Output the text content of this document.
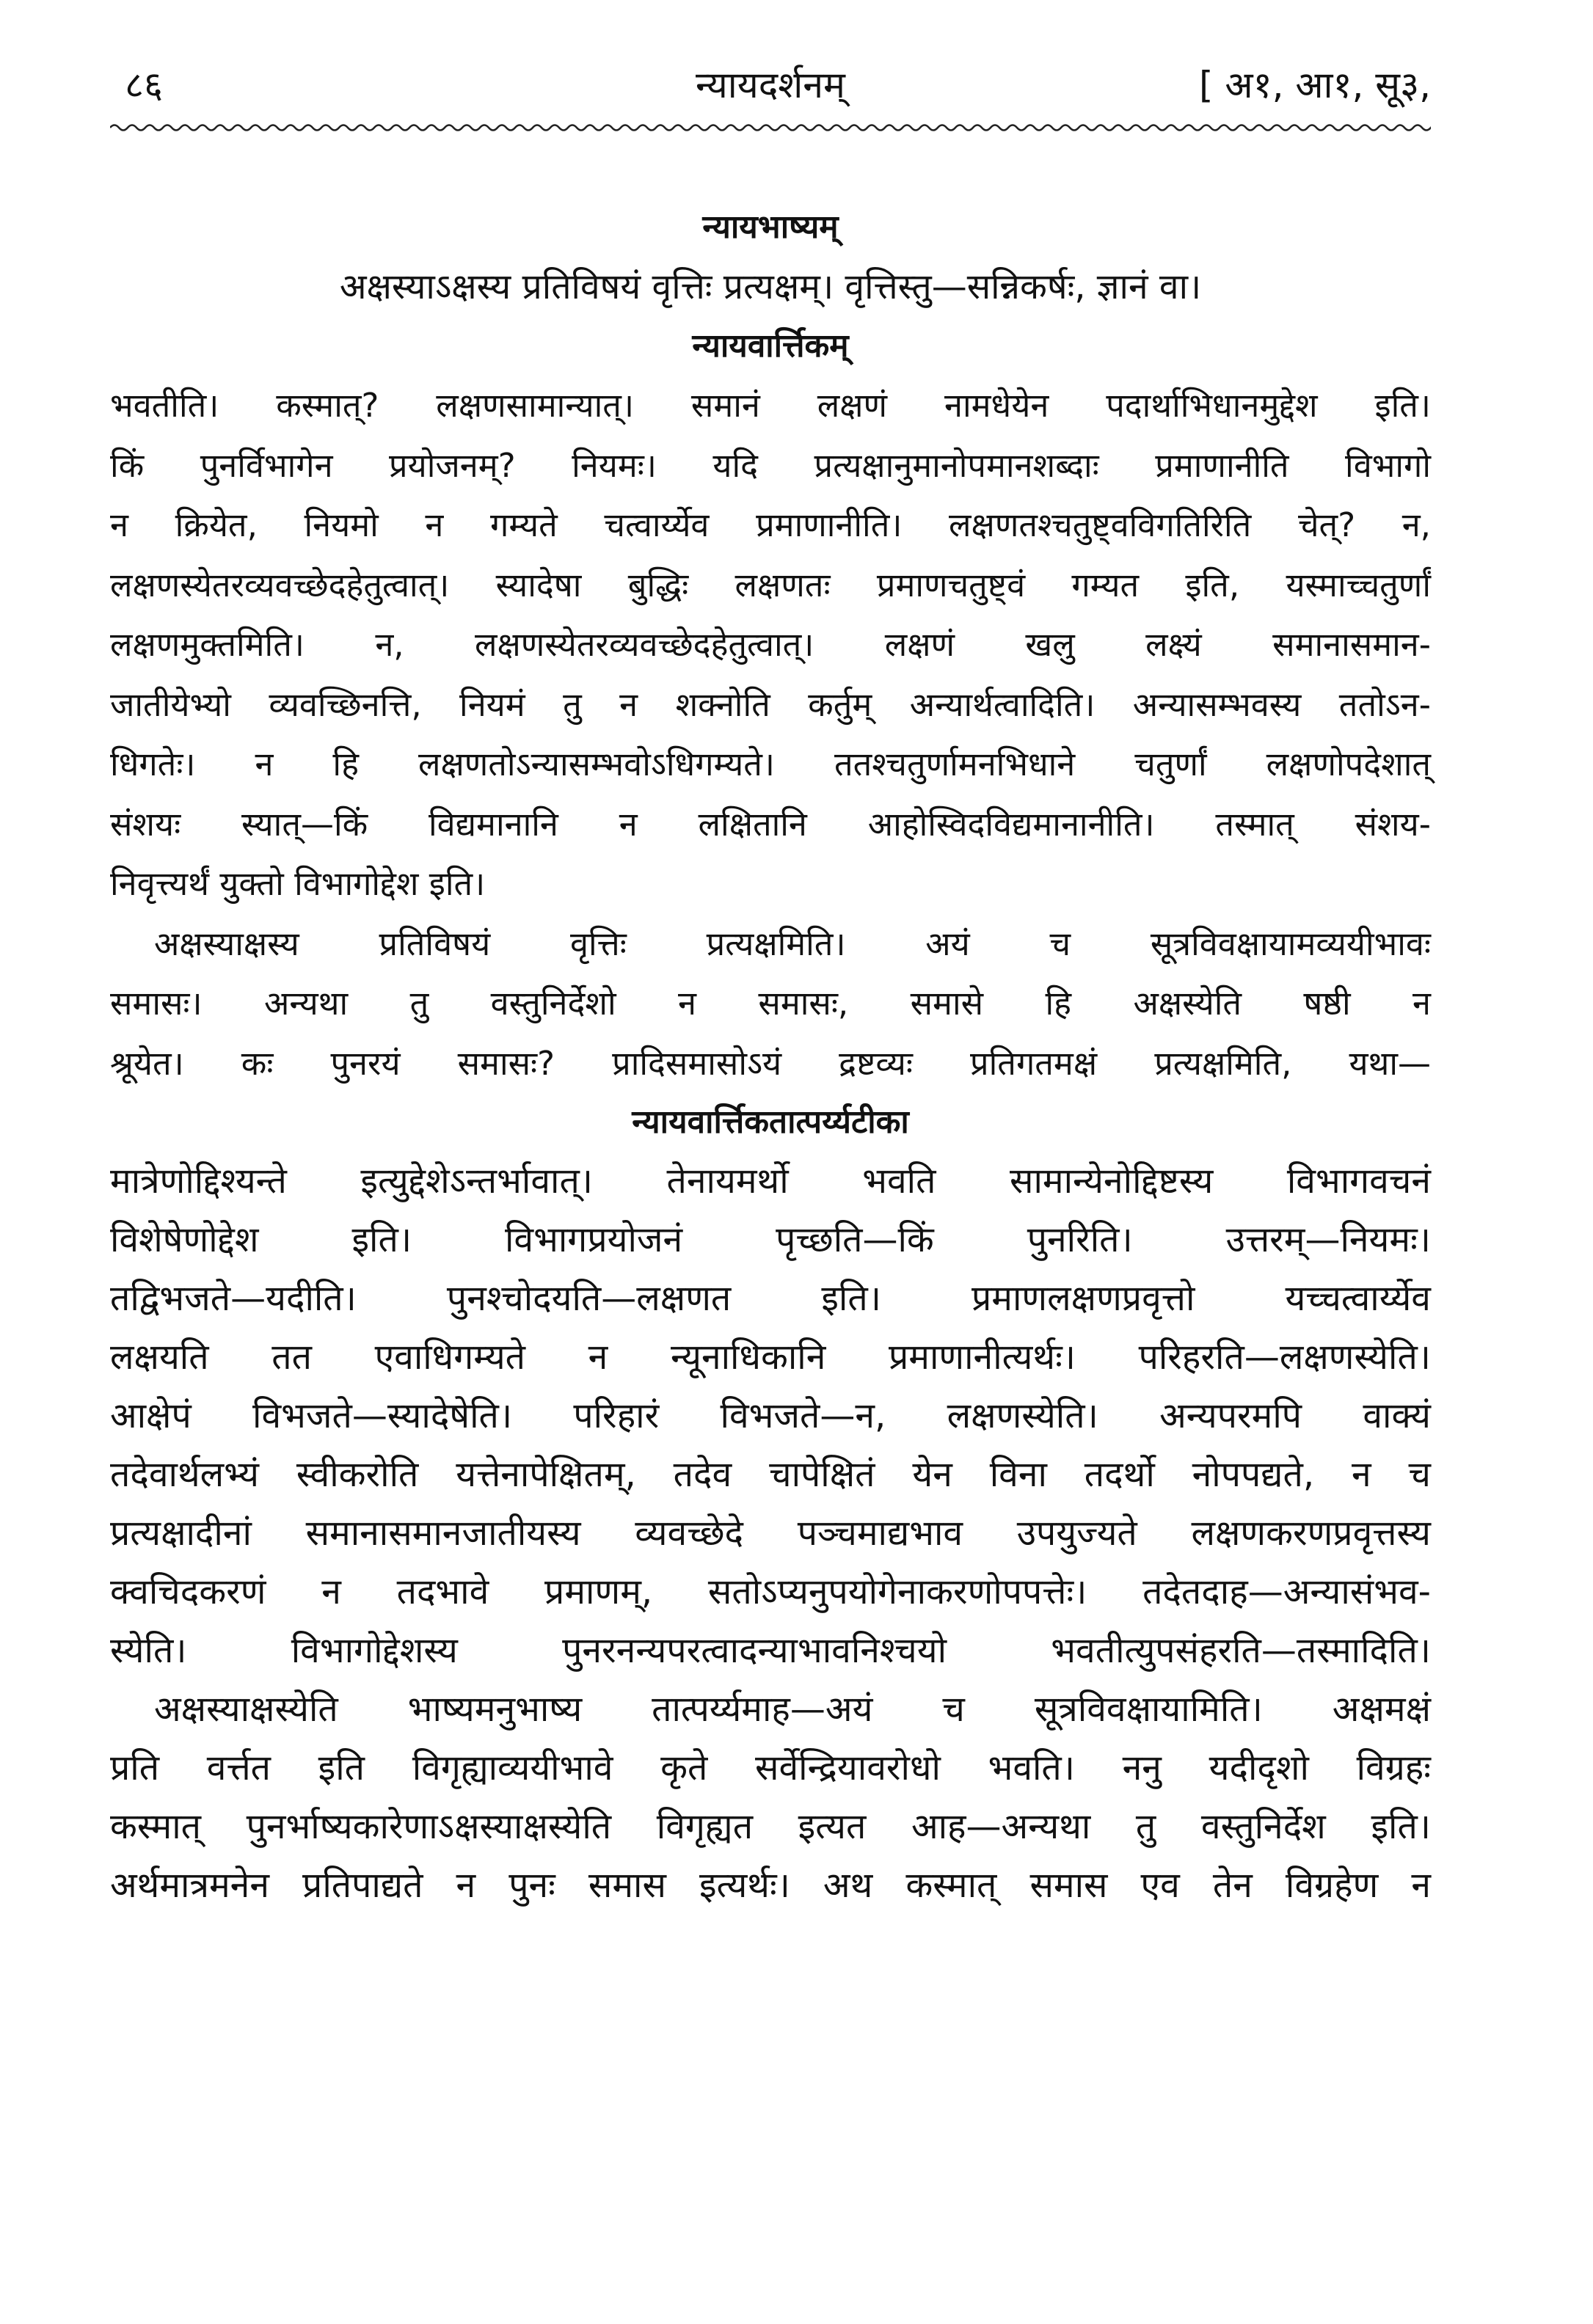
८६	न्यायदर्शनम्	[ अ१, आ१, सू३,
न्यायभाष्यम्

अक्षस्याऽक्षस्य प्रतिविषयं वृत्तिः प्रत्यक्षम्। वृत्तिस्तु—सन्निकर्षः, ज्ञानं वा।

न्यायवार्त्तिकम्
भवतीति। कस्मात्? लक्षणसामान्यात्। समानं लक्षणं नामधेयेन पदार्थाभिधानमुद्देश इति।
किं पुनर्विभागेन प्रयोजनम्? नियमः। यदि प्रत्यक्षानुमानोपमानशब्दाः प्रमाणानीति विभागो
न क्रियेत, नियमो न गम्यते चत्वार्य्येव प्रमाणानीति। लक्षणतश्चतुष्ट्वविगतिरिति चेत्? न,
लक्षणस्येतरव्यवच्छेदहेतुत्वात्। स्यादेषा बुद्धिः लक्षणतः प्रमाणचतुष्ट्वं गम्यत इति, यस्माच्चतुर्णां
लक्षणमुक्तमिति। न, लक्षणस्येतरव्यवच्छेदहेतुत्वात्। लक्षणं खलु लक्ष्यं समानासमान-
जातीयेभ्यो व्यवच्छिनत्ति, नियमं तु न शक्नोति कर्तुम् अन्यार्थत्वादिति। अन्यासम्भवस्य ततोऽन-
धिगतेः। न हि लक्षणतोऽन्यासम्भवोऽधिगम्यते। ततश्चतुर्णामनभिधाने चतुर्णां लक्षणोपदेशात्
संशयः स्यात्—किं विद्यमानानि न लक्षितानि आहोस्विदविद्यमानानीति। तस्मात् संशय-
निवृत्त्यर्थं युक्तो विभागोद्देश इति।
अक्षस्याक्षस्य प्रतिविषयं वृत्तिः प्रत्यक्षमिति। अयं च सूत्रविवक्षायामव्ययीभावः
समासः। अन्यथा तु वस्तुनिर्देशो न समासः, समासे हि अक्षस्येति षष्ठी न
श्रूयेत। कः पुनरयं समासः? प्रादिसमासोऽयं द्रष्टव्यः प्रतिगतमक्षं प्रत्यक्षमिति, यथा—
न्यायवार्त्तिकतात्पर्य्यटीका
मात्रेणोद्दिश्यन्ते इत्युद्देशेऽन्तर्भावात्। तेनायमर्थो भवति सामान्येनोद्दिष्टस्य विभागवचनं
विशेषेणोद्देश इति। विभागप्रयोजनं पृच्छति—किं पुनरिति। उत्तरम्—नियमः।
तद्विभजते—यदीति। पुनश्चोदयति—लक्षणत इति। प्रमाणलक्षणप्रवृत्तो यच्चत्वार्य्येव
लक्षयति तत एवाधिगम्यते न न्यूनाधिकानि प्रमाणानीत्यर्थः। परिहरति—लक्षणस्येति।
आक्षेपं विभजते—स्यादेषेति। परिहारं विभजते—न, लक्षणस्येति। अन्यपरमपि वाक्यं
तदेवार्थलभ्यं स्वीकरोति यत्तेनापेक्षितम्, तदेव चापेक्षितं येन विना तदर्थो नोपपद्यते, न च
प्रत्यक्षादीनां समानासमानजातीयस्य व्यवच्छेदे पञ्चमाद्यभाव उपयुज्यते लक्षणकरणप्रवृत्तस्य
क्वचिदकरणं न तदभावे प्रमाणम्, सतोऽप्यनुपयोगेनाकरणोपपत्तेः। तदेतदाह—अन्यासंभव-
स्येति। विभागोद्देशस्य पुनरनन्यपरत्वादन्याभावनिश्चयो भवतीत्युपसंहरति—तस्मादिति।
अक्षस्याक्षस्येति भाष्यमनुभाष्य तात्पर्य्यमाह—अयं च सूत्रविवक्षायामिति। अक्षमक्षं
प्रति वर्त्तत इति विगृह्याव्ययीभावे कृते सर्वेन्द्रियावरोधो भवति। ननु यदीदृशो विग्रहः
कस्मात् पुनर्भाष्यकारेणाऽक्षस्याक्षस्येति विगृह्यत इत्यत आह—अन्यथा तु वस्तुनिर्देश इति।
अर्थमात्रमनेन प्रतिपाद्यते न पुनः समास इत्यर्थः। अथ कस्मात् समास एव तेन विग्रहेण न
